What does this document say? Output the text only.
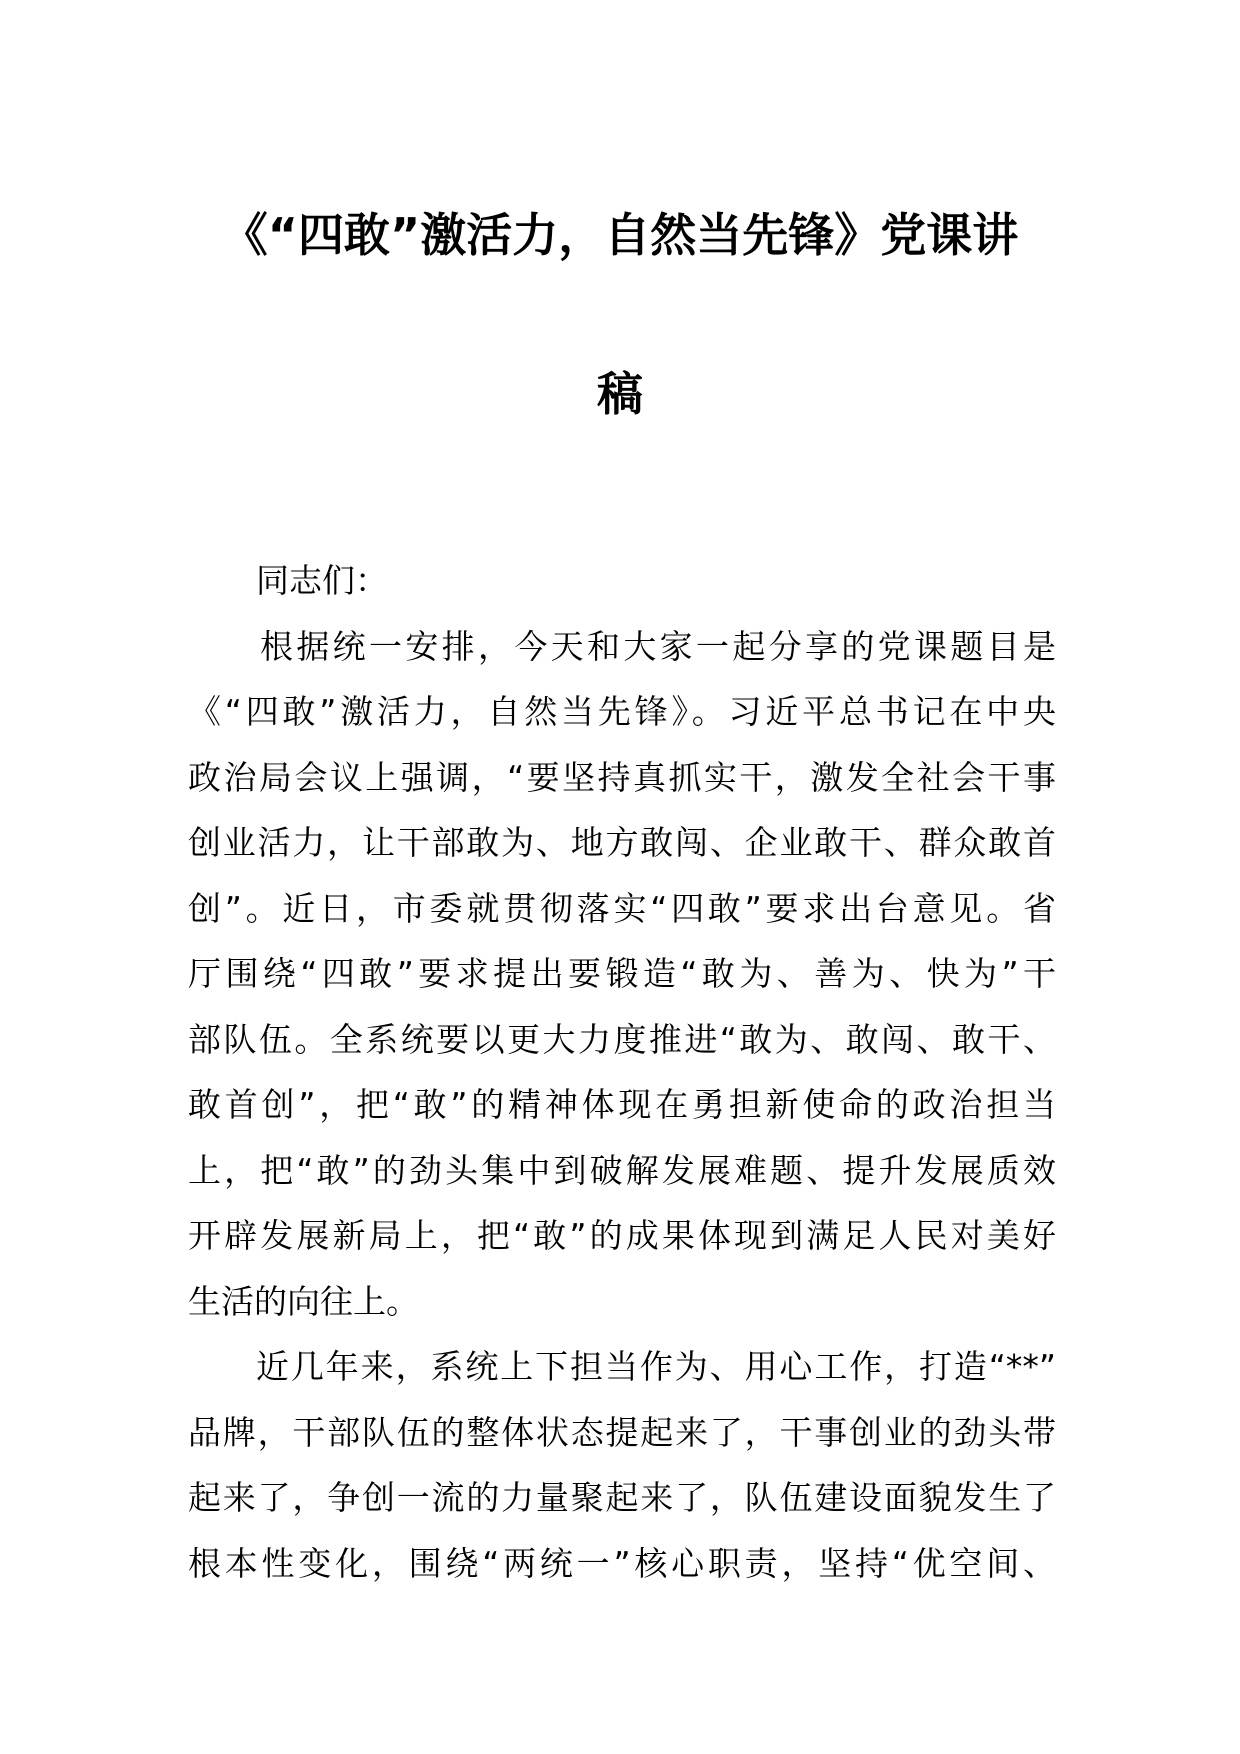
《“四敢”激活力，自然当先锋》党课讲
稿
同志们：
根据统一安排，今天和大家一起分享的党课题目是
《“四敢”激活力，自然当先锋》。习近平总书记在中央
政治局会议上强调，“要坚持真抓实干，激发全社会干事
创业活力，让干部敢为、地方敢闯、企业敢干、群众敢首
创”。近日，市委就贯彻落实“四敢”要求出台意见。省
厅围绕“四敢”要求提出要锻造“敢为、善为、快为”干
部队伍。全系统要以更大力度推进“敢为、敢闯、敢干、
敢首创”，把“敢”的精神体现在勇担新使命的政治担当
上，把“敢”的劲头集中到破解发展难题、提升发展质效
开辟发展新局上，把“敢”的成果体现到满足人民对美好
生活的向往上。
近几年来，系统上下担当作为、用心工作，打造“**”
品牌，干部队伍的整体状态提起来了，干事创业的劲头带
起来了，争创一流的力量聚起来了，队伍建设面貌发生了
根本性变化，围绕“两统一”核心职责，坚持“优空间、
